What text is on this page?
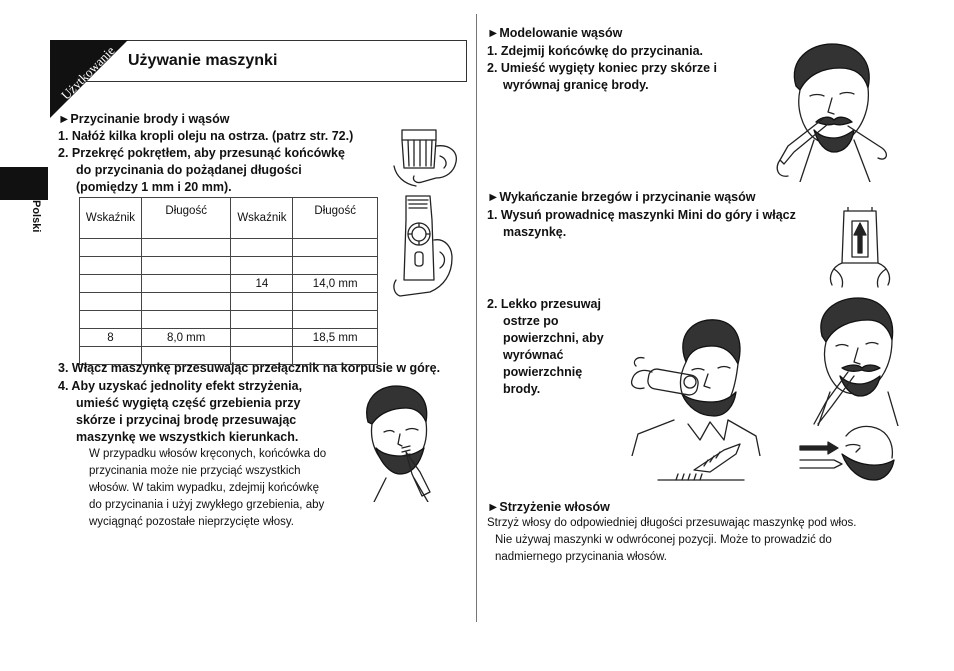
Polski
Użytkowanie Używanie maszynki
►Przycinanie brody i wąsów
1. Nałóż kilka kropli oleju na ostrza. (patrz str. 72.)
2. Przekręć pokrętłem, aby przesunąć końcówkę
do przycinania do pożądanej długości
(pomiędzy 1 mm i 20 mm).
Wskaźnik	Długość	Wskaźnik	Długość

		14	14,0 mm

8	8,0 mm		18,5 mm

3. Włącz maszynkę przesuwając przełącznik na korpusie w górę.
4. Aby uzyskać jednolity efekt strzyżenia,
umieść wygiętą część grzebienia przy
skórze i przycinaj brodę przesuwając
maszynkę we wszystkich kierunkach.
W przypadku włosów kręconych, końcówka do
przycinania może nie przyciąć wszystkich
włosów. W takim wypadku, zdejmij końcówkę
do przycinania i użyj zwykłego grzebienia, aby
wyciągnąć pozostałe nieprzycięte włosy.
►Modelowanie wąsów
1. Zdejmij końcówkę do przycinania.
2. Umieść wygięty koniec przy skórze i
wyrównaj granicę brody.
►Wykańczanie brzegów i przycinanie wąsów
1. Wysuń prowadnicę maszynki Mini do góry i włącz
maszynkę.
2. Lekko przesuwaj
ostrze po
powierzchni, aby
wyrównać
powierzchnię
brody.
►Strzyżenie włosów
Strzyż włosy do odpowiedniej długości przesuwając maszynkę pod włos.
Nie używaj maszynki w odwróconej pozycji. Może to prowadzić do
nadmiernego przycinania włosów.
